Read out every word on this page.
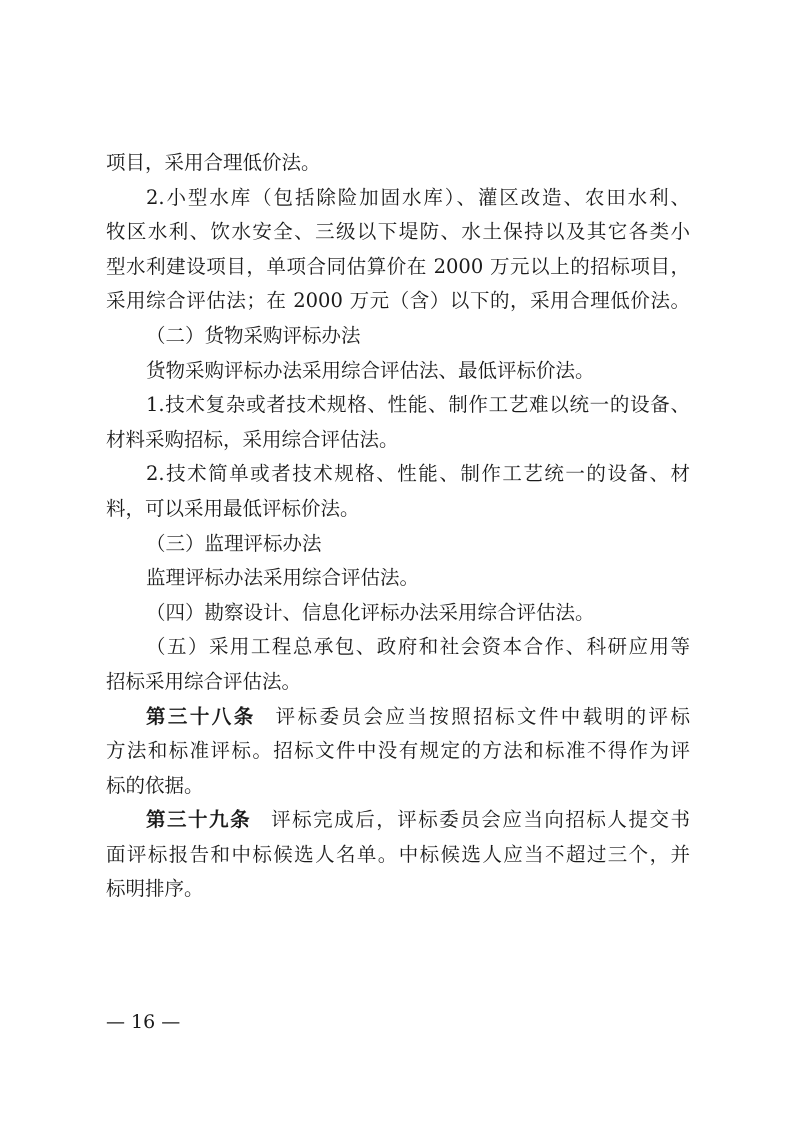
项目，采用合理低价法。
2.小型水库（包括除险加固水库）、灌区改造、农田水利、
牧区水利、饮水安全、三级以下堤防、水土保持以及其它各类小
型水利建设项目，单项合同估算价在 2000 万元以上的招标项目，
采用综合评估法；在 2000 万元（含）以下的，采用合理低价法。
（二）货物采购评标办法
货物采购评标办法采用综合评估法、最低评标价法。
1.技术复杂或者技术规格、性能、制作工艺难以统一的设备、
材料采购招标，采用综合评估法。
2.技术简单或者技术规格、性能、制作工艺统一的设备、材
料，可以采用最低评标价法。
（三）监理评标办法
监理评标办法采用综合评估法。
（四）勘察设计、信息化评标办法采用综合评估法。
（五）采用工程总承包、政府和社会资本合作、科研应用等
招标采用综合评估法。
第三十八条 评标委员会应当按照招标文件中载明的评标
方法和标准评标。招标文件中没有规定的方法和标准不得作为评
标的依据。
第三十九条 评标完成后，评标委员会应当向招标人提交书
面评标报告和中标候选人名单。中标候选人应当不超过三个，并
标明排序。
— 16 —
